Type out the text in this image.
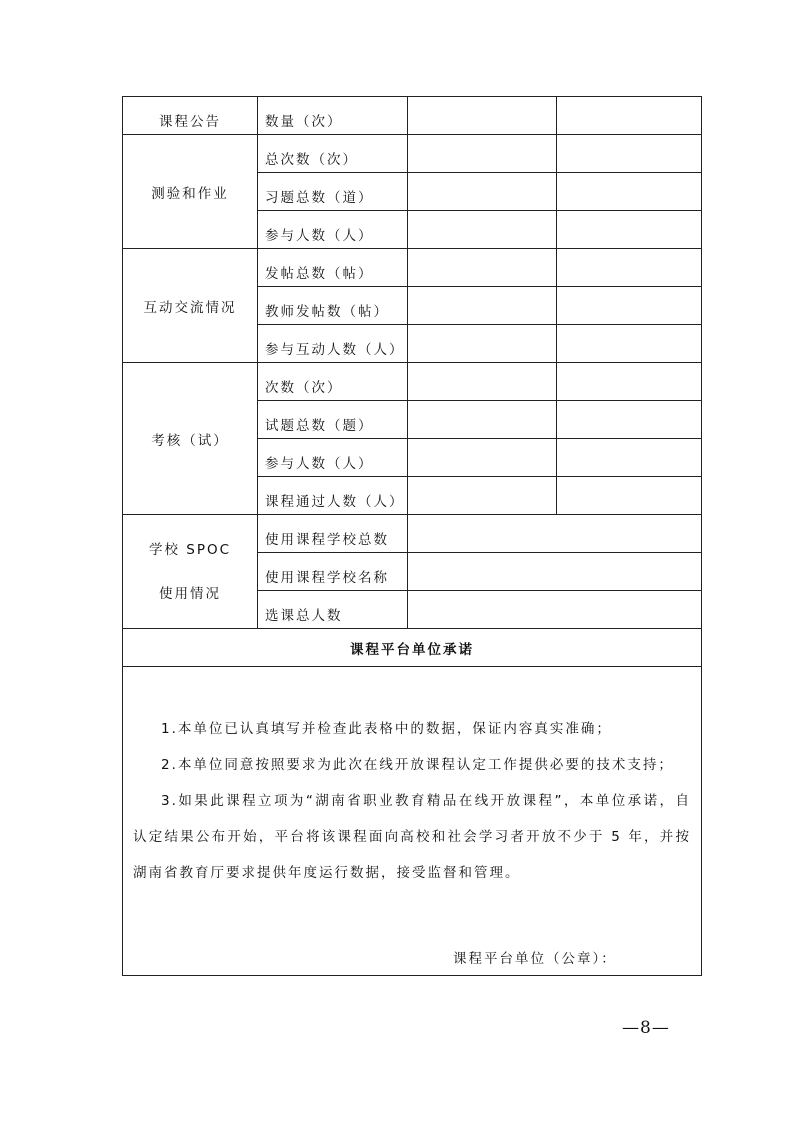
课程公告	数量（次）		
测验和作业	总次数（次）		
	习题总数（道）		
	参与人数（人）		
互动交流情况	发帖总数（帖）		
	教师发帖数（帖）		
	参与互动人数（人）		
考核（试）	次数（次）		
	试题总数（题）		
	参与人数（人）		
	课程通过人数（人）		

学校 SPOC
使用情况	使用课程学校总数		
	使用课程学校名称		
	选课总人数		
课程平台单位承诺			

1.本单位已认真填写并检查此表格中的数据，保证内容真实准确；

2.本单位同意按照要求为此次在线开放课程认定工作提供必要的技术支持；

3.如果此课程立项为“湖南省职业教育精品在线开放课程”，本单位承诺，自认定结果公布开始，平台将该课程面向高校和社会学习者开放不少于 5 年，并按湖南省教育厅要求提供年度运行数据，接受监督和管理。

课程平台单位（公章）：			
—8—
